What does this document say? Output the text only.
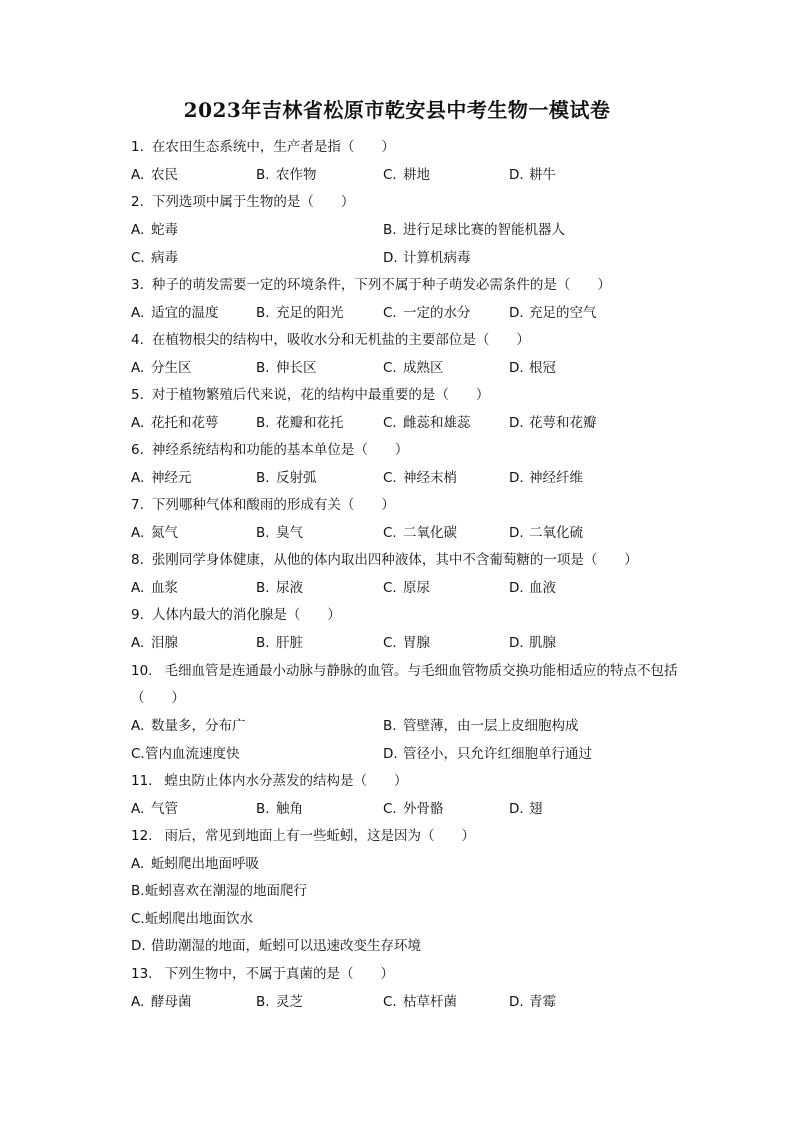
2023年吉林省松原市乾安县中考生物一模试卷
1. 在农田生态系统中，生产者是指（　　）
A. 农民	B. 农作物	C. 耕地	D. 耕牛
2. 下列选项中属于生物的是（　　）
A. 蛇毒	B. 进行足球比赛的智能机器人
C. 病毒	D. 计算机病毒
3. 种子的萌发需要一定的环境条件，下列不属于种子萌发必需条件的是（　　）
A. 适宜的温度	B. 充足的阳光	C. 一定的水分	D. 充足的空气
4. 在植物根尖的结构中，吸收水分和无机盐的主要部位是（　　）
A. 分生区	B. 伸长区	C. 成熟区	D. 根冠
5. 对于植物繁殖后代来说，花的结构中最重要的是（　　）
A. 花托和花萼	B. 花瓣和花托	C. 雌蕊和雄蕊	D. 花萼和花瓣
6. 神经系统结构和功能的基本单位是（　　）
A. 神经元	B. 反射弧	C. 神经末梢	D. 神经纤维
7. 下列哪种气体和酸雨的形成有关（　　）
A. 氮气	B. 臭气	C. 二氧化碳	D. 二氧化硫
8. 张刚同学身体健康，从他的体内取出四种液体，其中不含葡萄糖的一项是（　　）
A. 血浆	B. 尿液	C. 原尿	D. 血液
9. 人体内最大的消化腺是（　　）
A. 泪腺	B. 肝脏	C. 胃腺	D. 肌腺
10. 毛细血管是连通最小动脉与静脉的血管。与毛细血管物质交换功能相适应的特点不包括
（　　）
A. 数量多，分布广	B. 管壁薄，由一层上皮细胞构成
C.管内血流速度快	D. 管径小，只允许红细胞单行通过
11. 蝗虫防止体内水分蒸发的结构是（　　）
A. 气管	B. 触角	C. 外骨骼	D. 翅
12. 雨后，常见到地面上有一些蚯蚓，这是因为（　　）
A. 蚯蚓爬出地面呼吸
B.蚯蚓喜欢在潮湿的地面爬行
C.蚯蚓爬出地面饮水
D. 借助潮湿的地面，蚯蚓可以迅速改变生存环境
13. 下列生物中，不属于真菌的是（　　）
A. 酵母菌	B. 灵芝	C. 枯草杆菌	D. 青霉
